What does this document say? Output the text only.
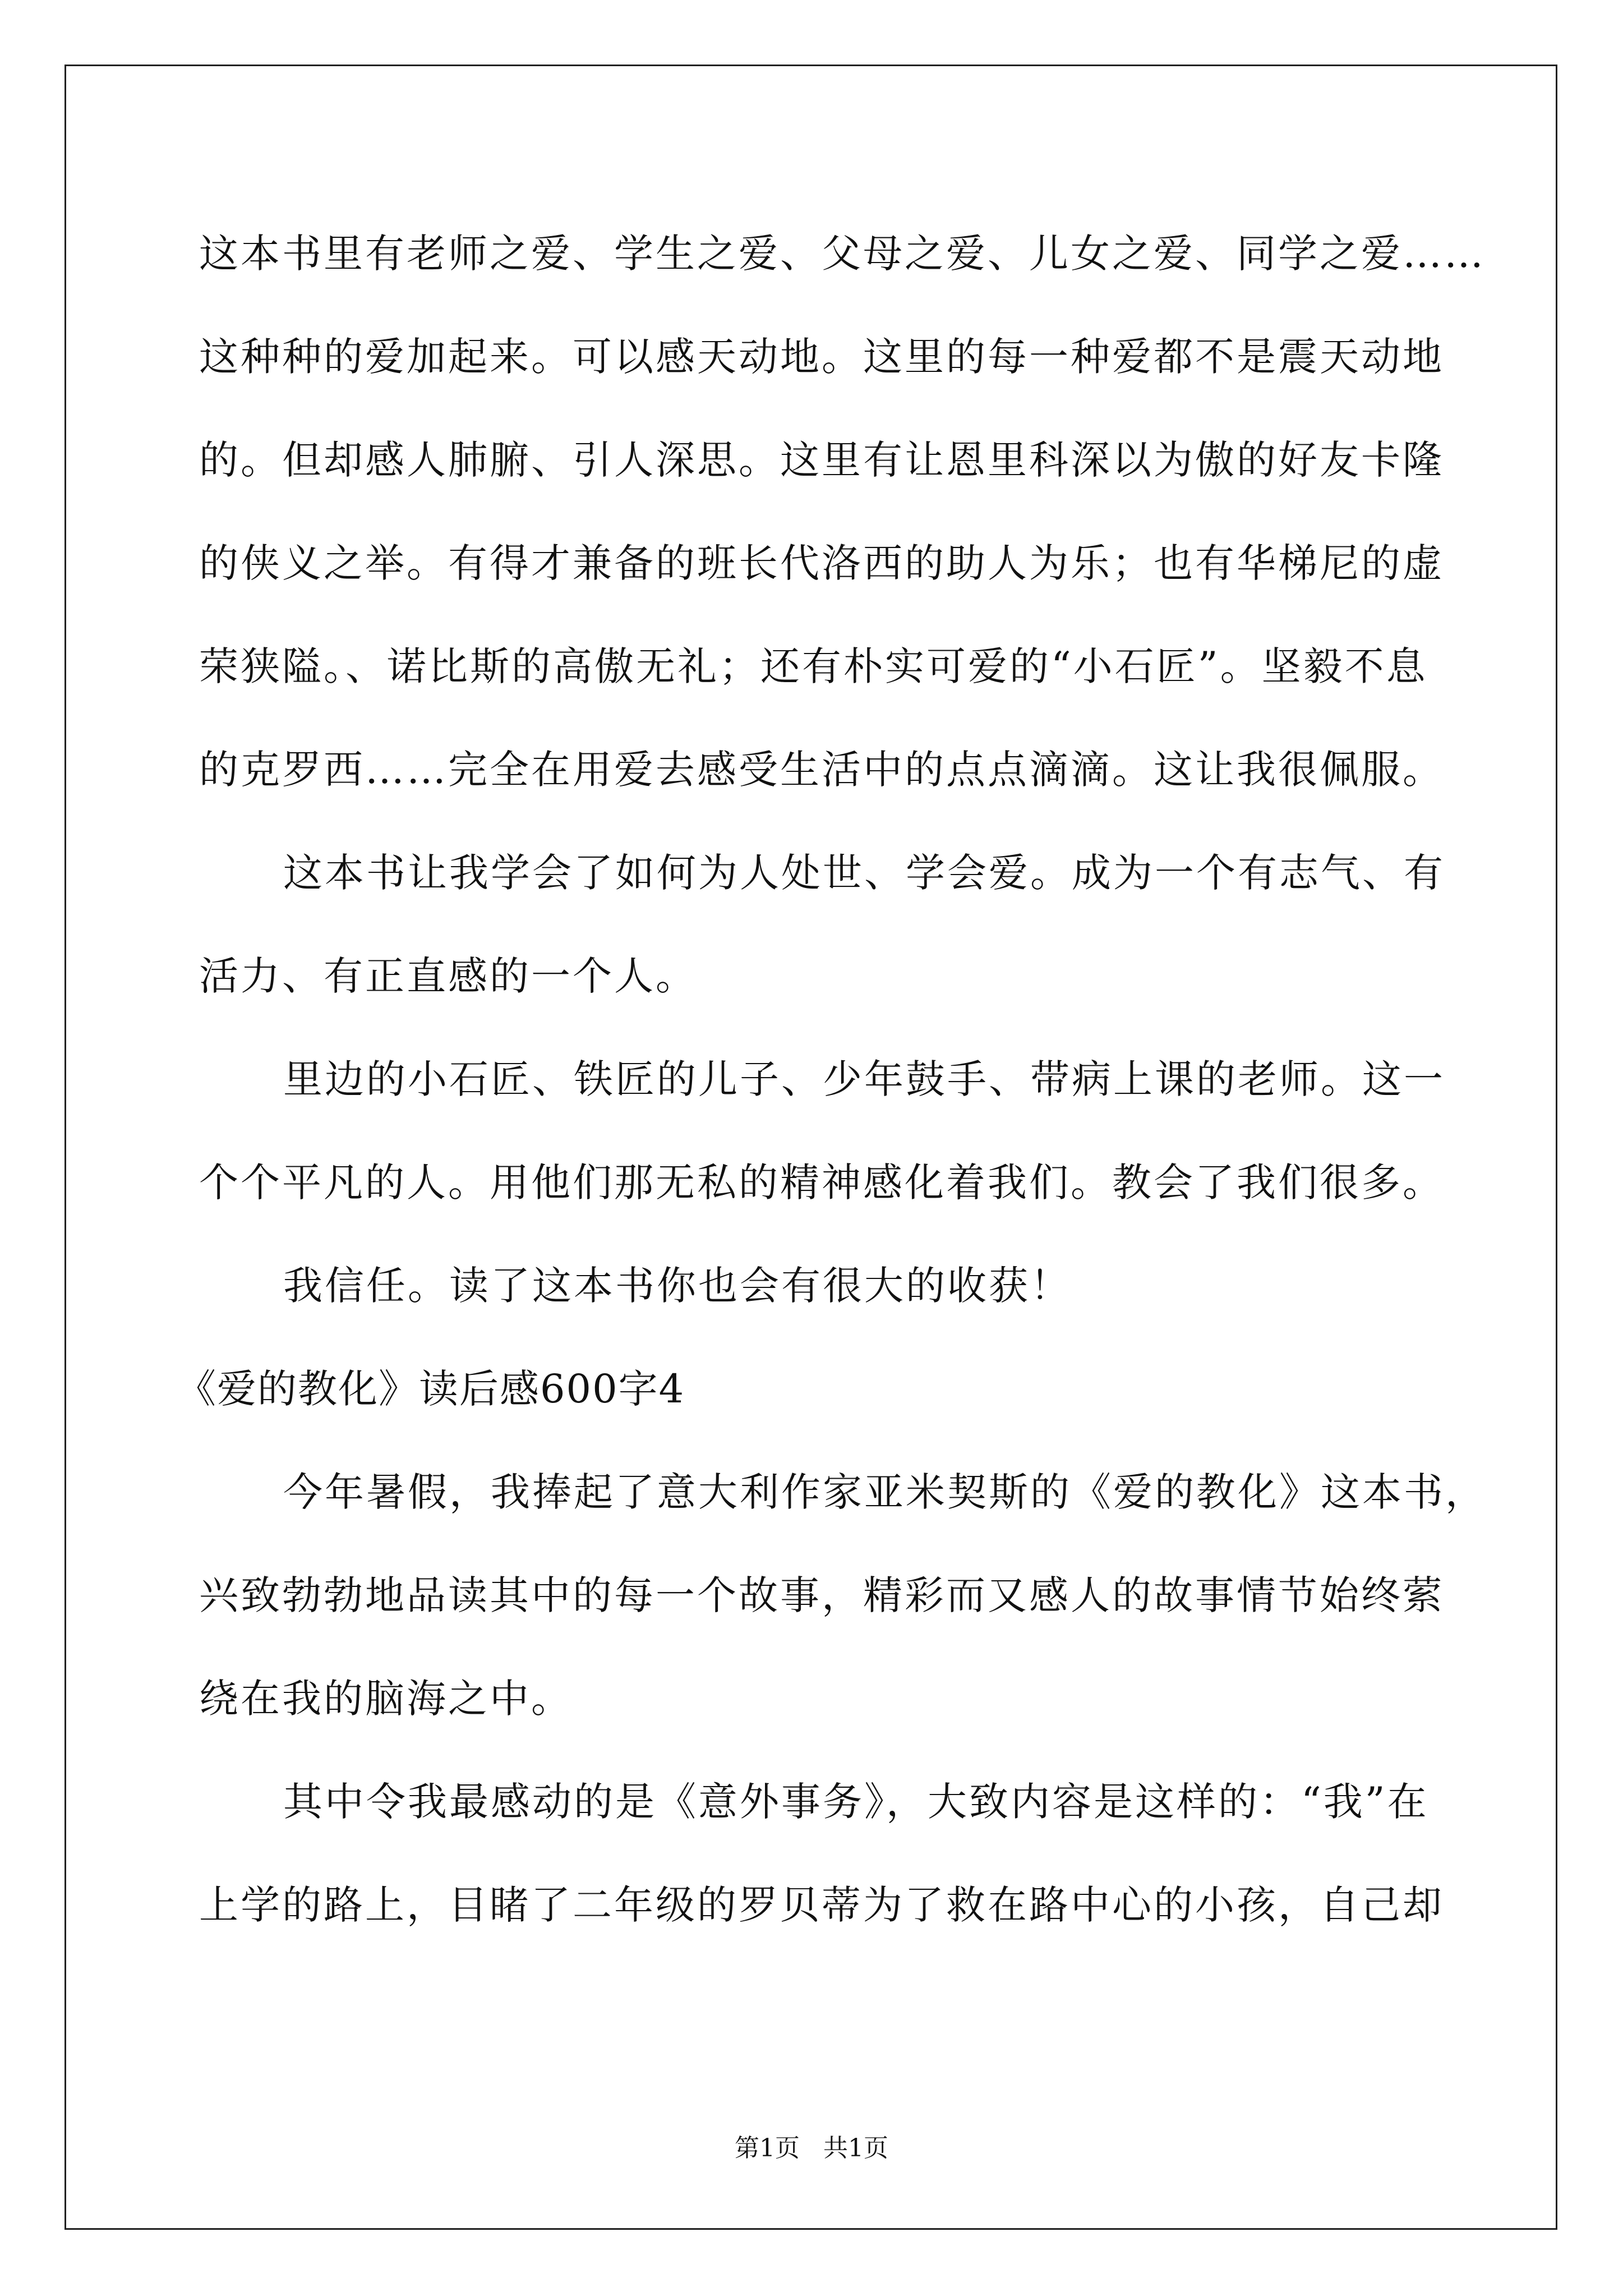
这本书里有老师之爱、学生之爱、父母之爱、儿女之爱、同学之爱……
这种种的爱加起来。可以感天动地。这里的每一种爱都不是震天动地
的。但却感人肺腑、引人深思。这里有让恩里科深以为傲的好友卡隆
的侠义之举。有得才兼备的班长代洛西的助人为乐；也有华梯尼的虚
荣狭隘。、诺比斯的高傲无礼；还有朴实可爱的“小石匠”。坚毅不息
的克罗西……完全在用爱去感受生活中的点点滴滴。这让我很佩服。
这本书让我学会了如何为人处世、学会爱。成为一个有志气、有
活力、有正直感的一个人。
里边的小石匠、铁匠的儿子、少年鼓手、带病上课的老师。这一
个个平凡的人。用他们那无私的精神感化着我们。教会了我们很多。
我信任。读了这本书你也会有很大的收获！
《爱的教化》读后感600字4
今年暑假，我捧起了意大利作家亚米契斯的《爱的教化》这本书，
兴致勃勃地品读其中的每一个故事，精彩而又感人的故事情节始终萦
绕在我的脑海之中。
其中令我最感动的是《意外事务》，大致内容是这样的：“我”在
上学的路上，目睹了二年级的罗贝蒂为了救在路中心的小孩，自己却
第1页   共1页
